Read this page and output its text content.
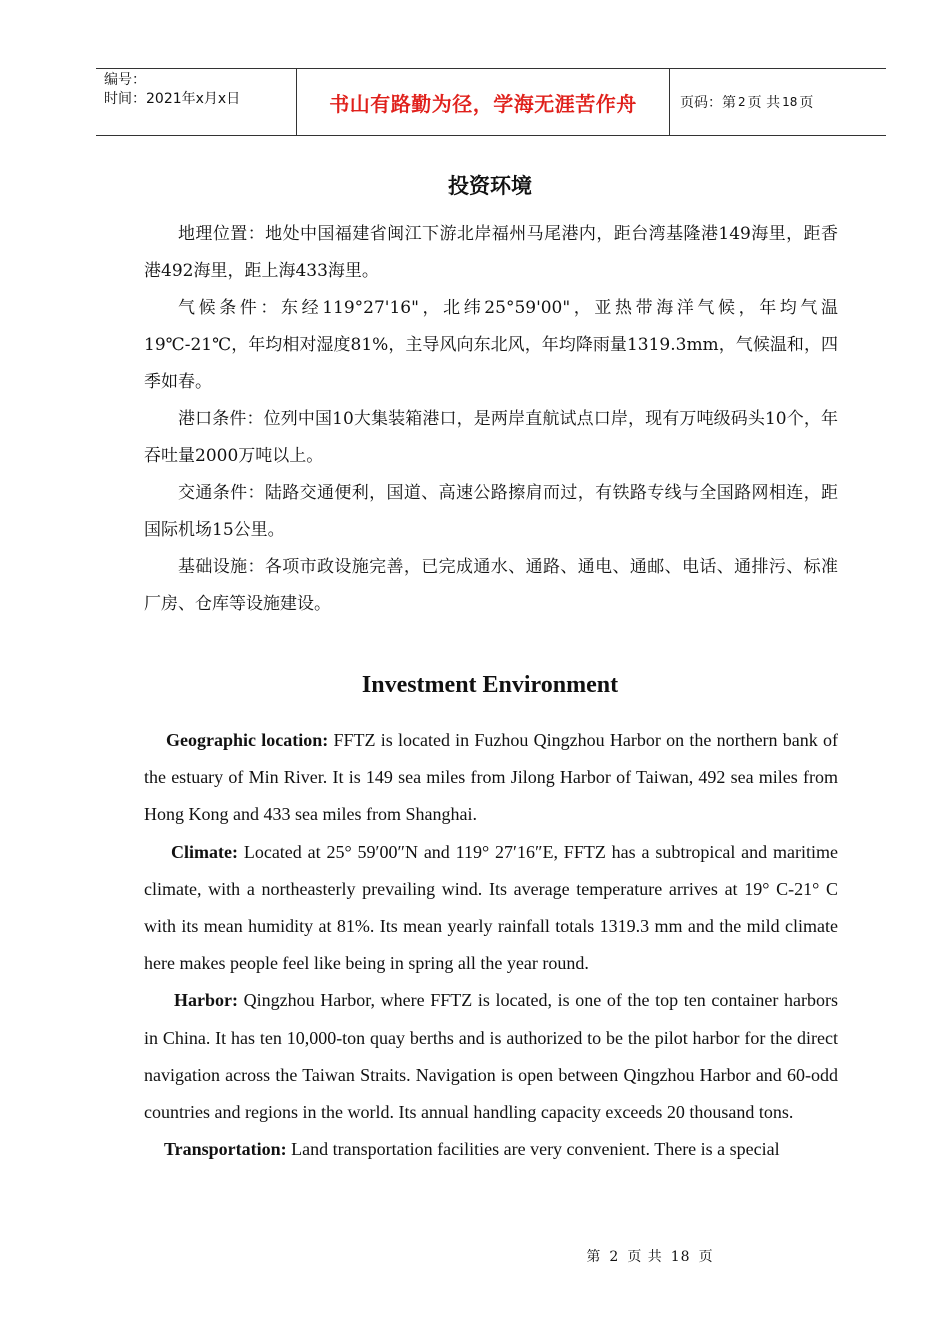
编号：
时间：2021年x月x日	书山有路勤为径，学海无涯苦作舟	页码：第 2 页 共 18 页
投资环境

地理位置：地处中国福建省闽江下游北岸福州马尾港内，距台湾基隆港149海里，距香港492海里，距上海433海里。

气候条件：东经119°27'16"，北纬25°59'00"，亚热带海洋气候，年均气温19℃-21℃，年均相对湿度81%，主导风向东北风，年均降雨量1319.3mm，气候温和，四季如春。

港口条件：位列中国10大集装箱港口，是两岸直航试点口岸，现有万吨级码头10个，年吞吐量2000万吨以上。

交通条件：陆路交通便利，国道、高速公路擦肩而过，有铁路专线与全国路网相连，距国际机场15公里。

基础设施：各项市政设施完善，已完成通水、通路、通电、通邮、电话、通排污、标准厂房、仓库等设施建设。

Investment Environment

Geographic location: FFTZ is located in Fuzhou Qingzhou Harbor on the northern bank of the estuary of Min River. It is 149 sea miles from Jilong Harbor of Taiwan, 492 sea miles from Hong Kong and 433 sea miles from Shanghai.

Climate: Located at 25° 59′00″N and 119° 27′16″E, FFTZ has a subtropical and maritime climate, with a northeasterly prevailing wind. Its average temperature arrives at 19° C-21° C with its mean humidity at 81%. Its mean yearly rainfall totals 1319.3 mm and the mild climate here makes people feel like being in spring all the year round.

Harbor: Qingzhou Harbor, where FFTZ is located, is one of the top ten container harbors in China. It has ten 10,000-ton quay berths and is authorized to be the pilot harbor for the direct navigation across the Taiwan Straits. Navigation is open between Qingzhou Harbor and 60-odd countries and regions in the world. Its annual handling capacity exceeds 20 thousand tons.

Transportation: Land transportation facilities are very convenient. There is a special

第 2 页 共 18 页
